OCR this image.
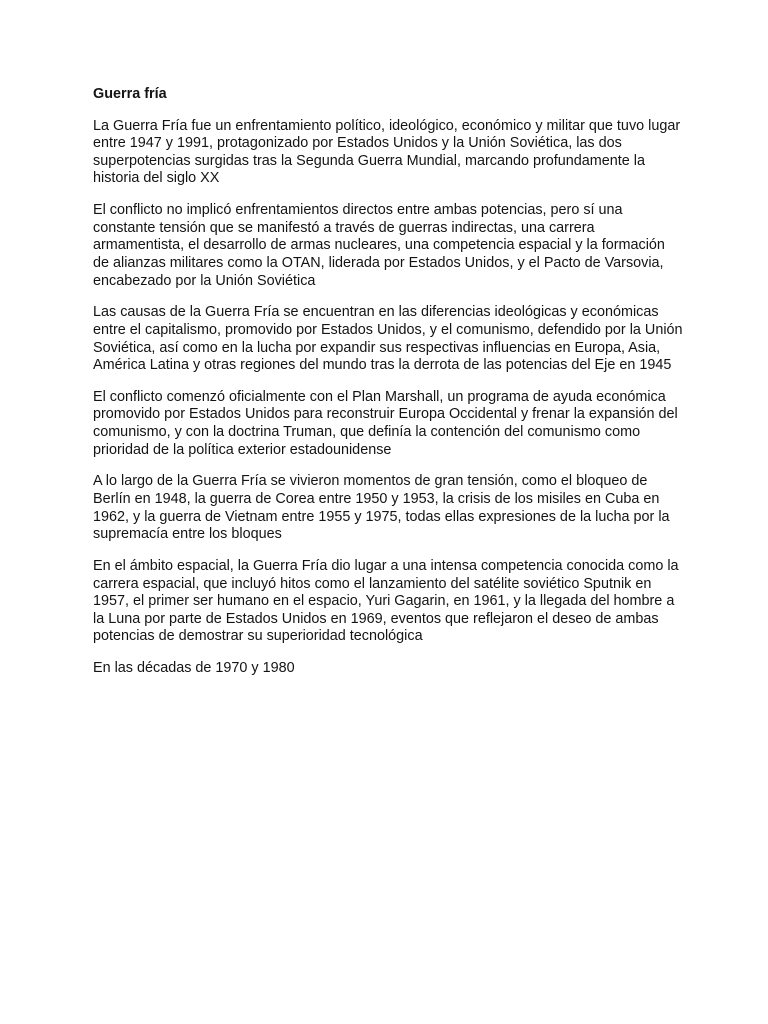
Guerra fría

La Guerra Fría fue un enfrentamiento político, ideológico, económico y militar que tuvo lugar entre 1947 y 1991, protagonizado por Estados Unidos y la Unión Soviética, las dos superpotencias surgidas tras la Segunda Guerra Mundial, marcando profundamente la historia del siglo XX

El conflicto no implicó enfrentamientos directos entre ambas potencias, pero sí una constante tensión que se manifestó a través de guerras indirectas, una carrera armamentista, el desarrollo de armas nucleares, una competencia espacial y la formación de alianzas militares como la OTAN, liderada por Estados Unidos, y el Pacto de Varsovia, encabezado por la Unión Soviética

Las causas de la Guerra Fría se encuentran en las diferencias ideológicas y económicas entre el capitalismo, promovido por Estados Unidos, y el comunismo, defendido por la Unión Soviética, así como en la lucha por expandir sus respectivas influencias en Europa, Asia, América Latina y otras regiones del mundo tras la derrota de las potencias del Eje en 1945

El conflicto comenzó oficialmente con el Plan Marshall, un programa de ayuda económica promovido por Estados Unidos para reconstruir Europa Occidental y frenar la expansión del comunismo, y con la doctrina Truman, que definía la contención del comunismo como prioridad de la política exterior estadounidense

A lo largo de la Guerra Fría se vivieron momentos de gran tensión, como el bloqueo de Berlín en 1948, la guerra de Corea entre 1950 y 1953, la crisis de los misiles en Cuba en 1962, y la guerra de Vietnam entre 1955 y 1975, todas ellas expresiones de la lucha por la supremacía entre los bloques

En el ámbito espacial, la Guerra Fría dio lugar a una intensa competencia conocida como la carrera espacial, que incluyó hitos como el lanzamiento del satélite soviético Sputnik en 1957, el primer ser humano en el espacio, Yuri Gagarin, en 1961, y la llegada del hombre a la Luna por parte de Estados Unidos en 1969, eventos que reflejaron el deseo de ambas potencias de demostrar su superioridad tecnológica

En las décadas de 1970 y 1980
